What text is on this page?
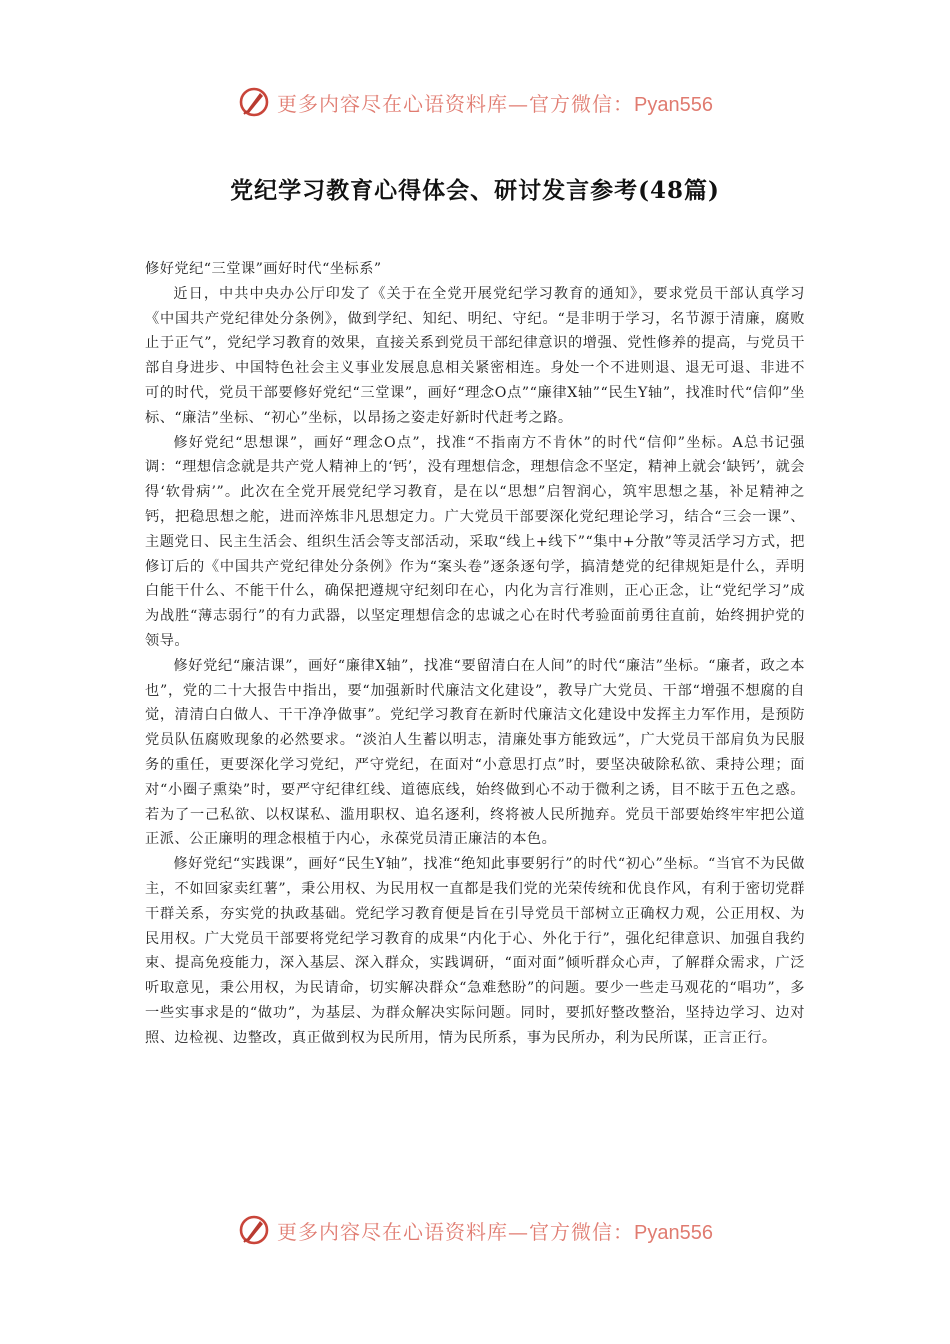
更多内容尽在心语资料库—官方微信：Pyan556
党纪学习教育心得体会、研讨发言参考(48篇)

修好党纪“三堂课”画好时代“坐标系”

近日，中共中央办公厅印发了《关于在全党开展党纪学习教育的通知》，要求党员干部认真学习《中国共产党纪律处分条例》，做到学纪、知纪、明纪、守纪。“是非明于学习，名节源于清廉，腐败止于正气”，党纪学习教育的效果，直接关系到党员干部纪律意识的增强、党性修养的提高，与党员干部自身进步、中国特色社会主义事业发展息息相关紧密相连。身处一个不进则退、退无可退、非进不可的时代，党员干部要修好党纪“三堂课”，画好“理念O点”“廉律X轴”“民生Y轴”，找准时代“信仰”坐标、“廉洁”坐标、“初心”坐标，以昂扬之姿走好新时代赶考之路。

修好党纪“思想课”，画好“理念O点”，找准“不指南方不肯休”的时代“信仰”坐标。A总书记强调：“理想信念就是共产党人精神上的‘钙’，没有理想信念，理想信念不坚定，精神上就会‘缺钙’，就会得‘软骨病’”。此次在全党开展党纪学习教育，是在以“思想”启智润心，筑牢思想之基，补足精神之钙，把稳思想之舵，进而淬炼非凡思想定力。广大党员干部要深化党纪理论学习，结合“三会一课”、主题党日、民主生活会、组织生活会等支部活动，采取“线上+线下”“集中+分散”等灵活学习方式，把修订后的《中国共产党纪律处分条例》作为“案头卷”逐条逐句学，搞清楚党的纪律规矩是什么，弄明白能干什么、不能干什么，确保把遵规守纪刻印在心，内化为言行准则，正心正念，让“党纪学习”成为战胜“薄志弱行”的有力武器，以坚定理想信念的忠诚之心在时代考验面前勇往直前，始终拥护党的领导。

修好党纪“廉洁课”，画好“廉律X轴”，找准“要留清白在人间”的时代“廉洁”坐标。“廉者，政之本也”，党的二十大报告中指出，要“加强新时代廉洁文化建设”，教导广大党员、干部“增强不想腐的自觉，清清白白做人、干干净净做事”。党纪学习教育在新时代廉洁文化建设中发挥主力军作用，是预防党员队伍腐败现象的必然要求。“淡泊人生蓄以明志，清廉处事方能致远”，广大党员干部肩负为民服务的重任，更要深化学习党纪，严守党纪，在面对“小意思打点”时，要坚决破除私欲、秉持公理；面对“小圈子熏染”时，要严守纪律红线、道德底线，始终做到心不动于微利之诱，目不眩于五色之惑。若为了一己私欲、以权谋私、滥用职权、追名逐利，终将被人民所抛弃。党员干部要始终牢牢把公道正派、公正廉明的理念根植于内心，永葆党员清正廉洁的本色。

修好党纪“实践课”，画好“民生Y轴”，找准“绝知此事要躬行”的时代“初心”坐标。“当官不为民做主，不如回家卖红薯”，秉公用权、为民用权一直都是我们党的光荣传统和优良作风，有利于密切党群干群关系，夯实党的执政基础。党纪学习教育便是旨在引导党员干部树立正确权力观，公正用权、为民用权。广大党员干部要将党纪学习教育的成果“内化于心、外化于行”，强化纪律意识、加强自我约束、提高免疫能力，深入基层、深入群众，实践调研，“面对面”倾听群众心声，了解群众需求，广泛听取意见，秉公用权，为民请命，切实解决群众“急难愁盼”的问题。要少一些走马观花的“唱功”，多一些实事求是的“做功”，为基层、为群众解决实际问题。同时，要抓好整改整治，坚持边学习、边对照、边检视、边整改，真正做到权为民所用，情为民所系，事为民所办，利为民所谋，正言正行。

更多内容尽在心语资料库—官方微信：Pyan556
